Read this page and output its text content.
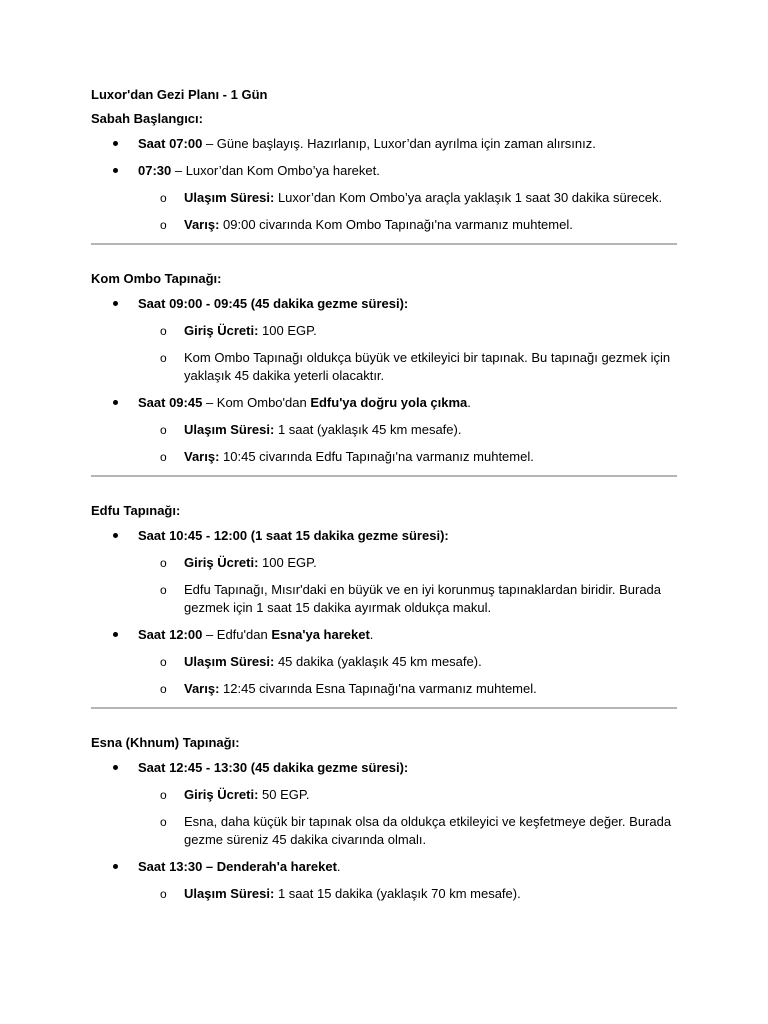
Luxor'dan Gezi Planı - 1 Gün

Sabah Başlangıcı:

Saat 07:00 – Güne başlayış. Hazırlanıp, Luxor’dan ayrılma için zaman alırsınız.
07:30 – Luxor’dan Kom Ombo’ya hareket.
o Ulaşım Süresi: Luxor’dan Kom Ombo’ya araçla yaklaşık 1 saat 30 dakika sürecek.
o Varış: 09:00 civarında Kom Ombo Tapınağı'na varmanız muhtemel.

Kom Ombo Tapınağı:

Saat 09:00 - 09:45 (45 dakika gezme süresi):
o Giriş Ücreti: 100 EGP.
o Kom Ombo Tapınağı oldukça büyük ve etkileyici bir tapınak. Bu tapınağı gezmek için yaklaşık 45 dakika yeterli olacaktır.
Saat 09:45 – Kom Ombo'dan Edfu'ya doğru yola çıkma.
o Ulaşım Süresi: 1 saat (yaklaşık 45 km mesafe).
o Varış: 10:45 civarında Edfu Tapınağı'na varmanız muhtemel.

Edfu Tapınağı:

Saat 10:45 - 12:00 (1 saat 15 dakika gezme süresi):
o Giriş Ücreti: 100 EGP.
o Edfu Tapınağı, Mısır'daki en büyük ve en iyi korunmuş tapınaklardan biridir. Burada gezmek için 1 saat 15 dakika ayırmak oldukça makul.
Saat 12:00 – Edfu'dan Esna'ya hareket.
o Ulaşım Süresi: 45 dakika (yaklaşık 45 km mesafe).
o Varış: 12:45 civarında Esna Tapınağı'na varmanız muhtemel.

Esna (Khnum) Tapınağı:

Saat 12:45 - 13:30 (45 dakika gezme süresi):
o Giriş Ücreti: 50 EGP.
o Esna, daha küçük bir tapınak olsa da oldukça etkileyici ve keşfetmeye değer. Burada gezme süreniz 45 dakika civarında olmalı.
Saat 13:30 – Denderah'a hareket.
o Ulaşım Süresi: 1 saat 15 dakika (yaklaşık 70 km mesafe).
